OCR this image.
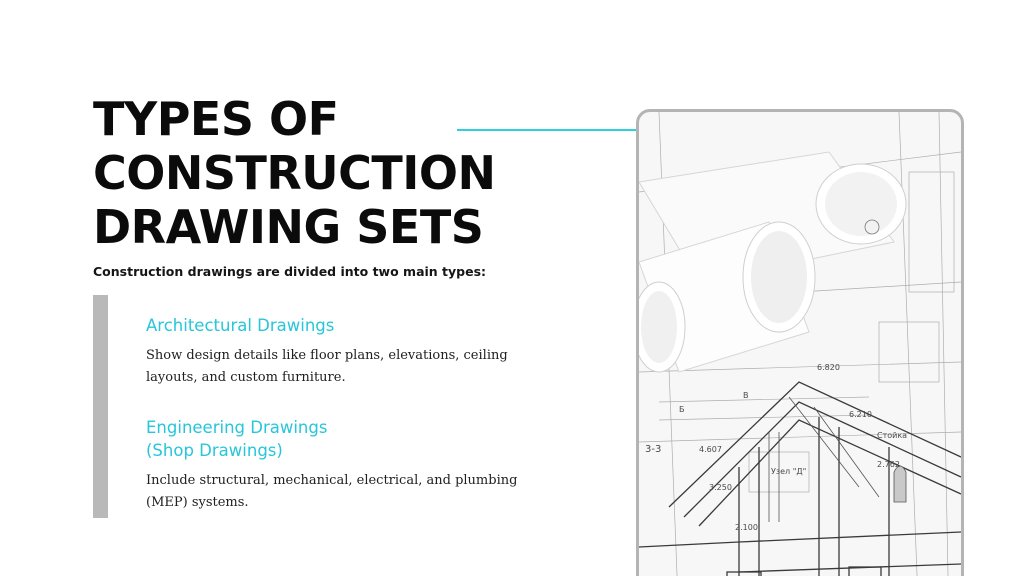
TYPES OF CONSTRUCTION DRAWING SETS
Construction drawings are divided into two main types:
Architectural Drawings

Show design details like floor plans, elevations, ceiling layouts, and custom furniture.

Engineering Drawings (Shop Drawings)

Include structural, mechanical, electrical, and plumbing (MEP) systems.

6.820
6.210
4.607
3.250
2.100
2.762
3-3
Стойка
Б
В
Узел "Д"
